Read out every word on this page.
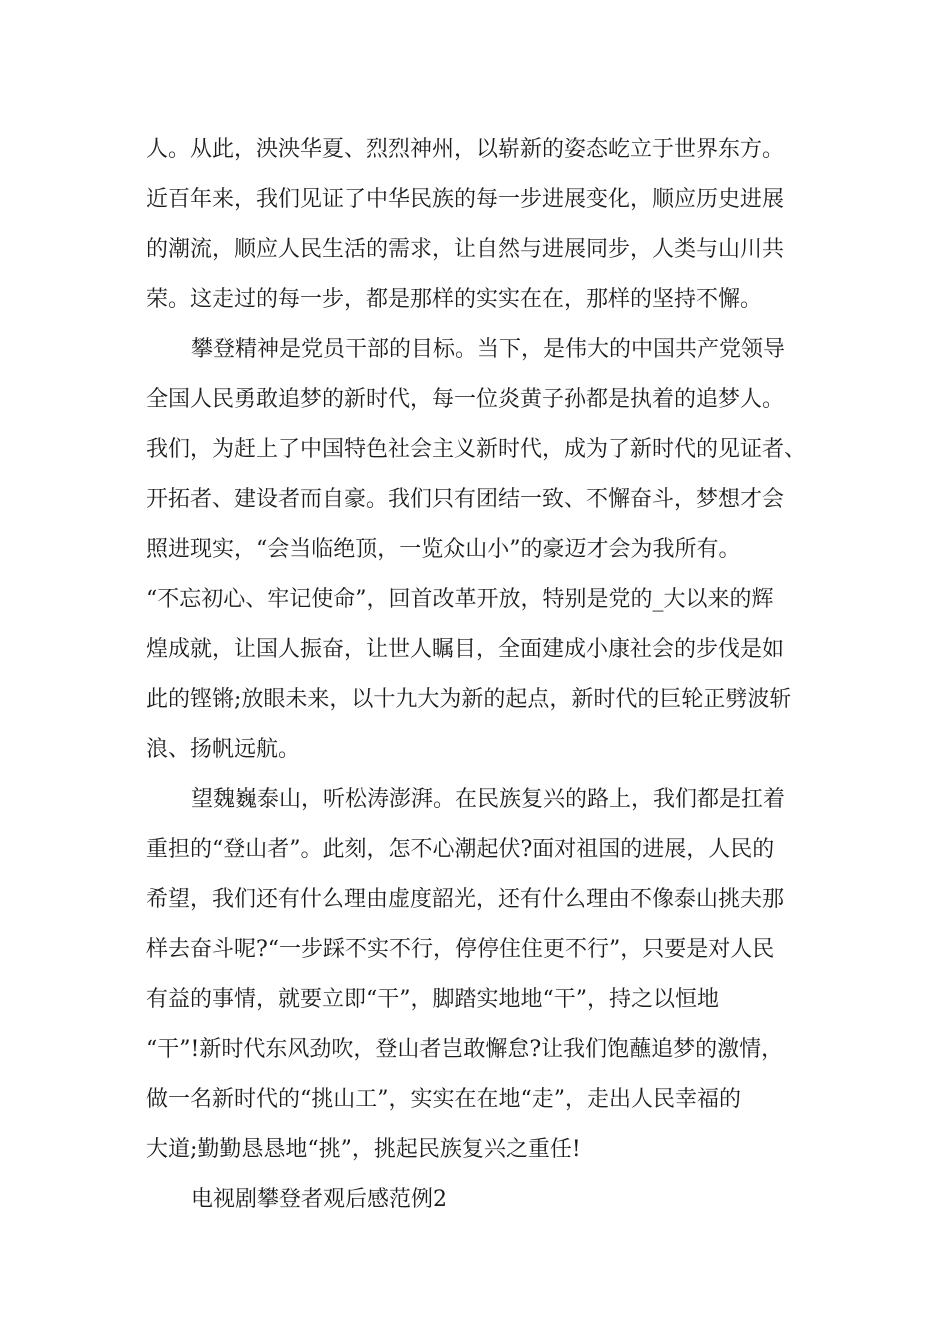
人。从此，泱泱华夏、烈烈神州，以崭新的姿态屹立于世界东方。
近百年来，我们见证了中华民族的每一步进展变化，顺应历史进展
的潮流，顺应人民生活的需求，让自然与进展同步，人类与山川共
荣。这走过的每一步，都是那样的实实在在，那样的坚持不懈。
攀登精神是党员干部的目标。当下，是伟大的中国共产党领导
全国人民勇敢追梦的新时代，每一位炎黄子孙都是执着的追梦人。
我们，为赶上了中国特色社会主义新时代，成为了新时代的见证者、
开拓者、建设者而自豪。我们只有团结一致、不懈奋斗，梦想才会
照进现实，“会当临绝顶，一览众山小”的豪迈才会为我所有。
“不忘初心、牢记使命”，回首改革开放，特别是党的_大以来的辉
煌成就，让国人振奋，让世人瞩目，全面建成小康社会的步伐是如
此的铿锵;放眼未来，以十九大为新的起点，新时代的巨轮正劈波斩
浪、扬帆远航。
望魏巍泰山，听松涛澎湃。在民族复兴的路上，我们都是扛着
重担的“登山者”。此刻，怎不心潮起伏?面对祖国的进展，人民的
希望，我们还有什么理由虚度韶光，还有什么理由不像泰山挑夫那
样去奋斗呢?“一步踩不实不行，停停住住更不行”，只要是对人民
有益的事情，就要立即“干”，脚踏实地地“干”，持之以恒地
“干”!新时代东风劲吹，登山者岂敢懈怠?让我们饱蘸追梦的激情，
做一名新时代的“挑山工”，实实在在地“走”，走出人民幸福的
大道;勤勤恳恳地“挑”，挑起民族复兴之重任!
电视剧攀登者观后感范例2
